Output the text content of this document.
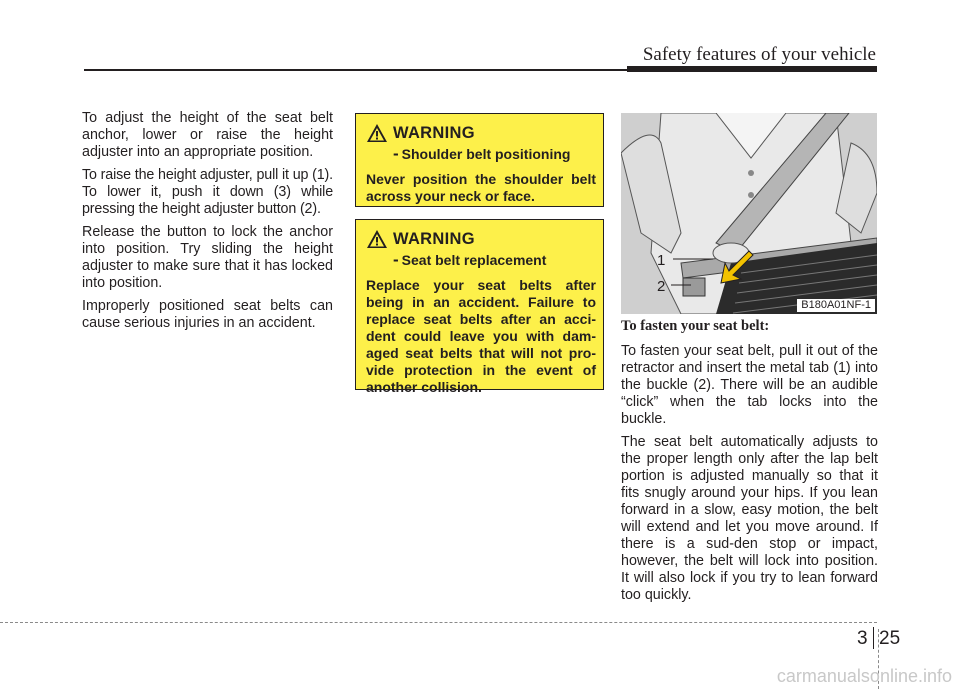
Safety features of your vehicle

To adjust the height of the seat belt anchor, lower or raise the height adjuster into an appropriate position.

To raise the height adjuster, pull it up (1). To lower it, push it down (3) while pressing the height adjuster button (2).

Release the button to lock the anchor into position. Try sliding the height adjuster to make sure that it has locked into position.

Improperly positioned seat belts can cause serious injuries in an accident.

WARNING
- Shoulder belt positioning
Never position the shoulder belt across your neck or face.
WARNING
- Seat belt replacement
Replace your seat belts after being in an accident. Failure to replace seat belts after an acci-dent could leave you with dam-aged seat belts that will not pro-vide protection in the event of another collision.
1
2
B180A01NF-1
To fasten your seat belt:

To fasten your seat belt, pull it out of the retractor and insert the metal tab (1) into the buckle (2). There will be an audible “click” when the tab locks into the buckle.

The seat belt automatically adjusts to the proper length only after the lap belt portion is adjusted manually so that it fits snugly around your hips. If you lean forward in a slow, easy motion, the belt will extend and let you move around. If there is a sud-den stop or impact, however, the belt will lock into position. It will also lock if you try to lean forward too quickly.

3 25
carmanualsonline.info
